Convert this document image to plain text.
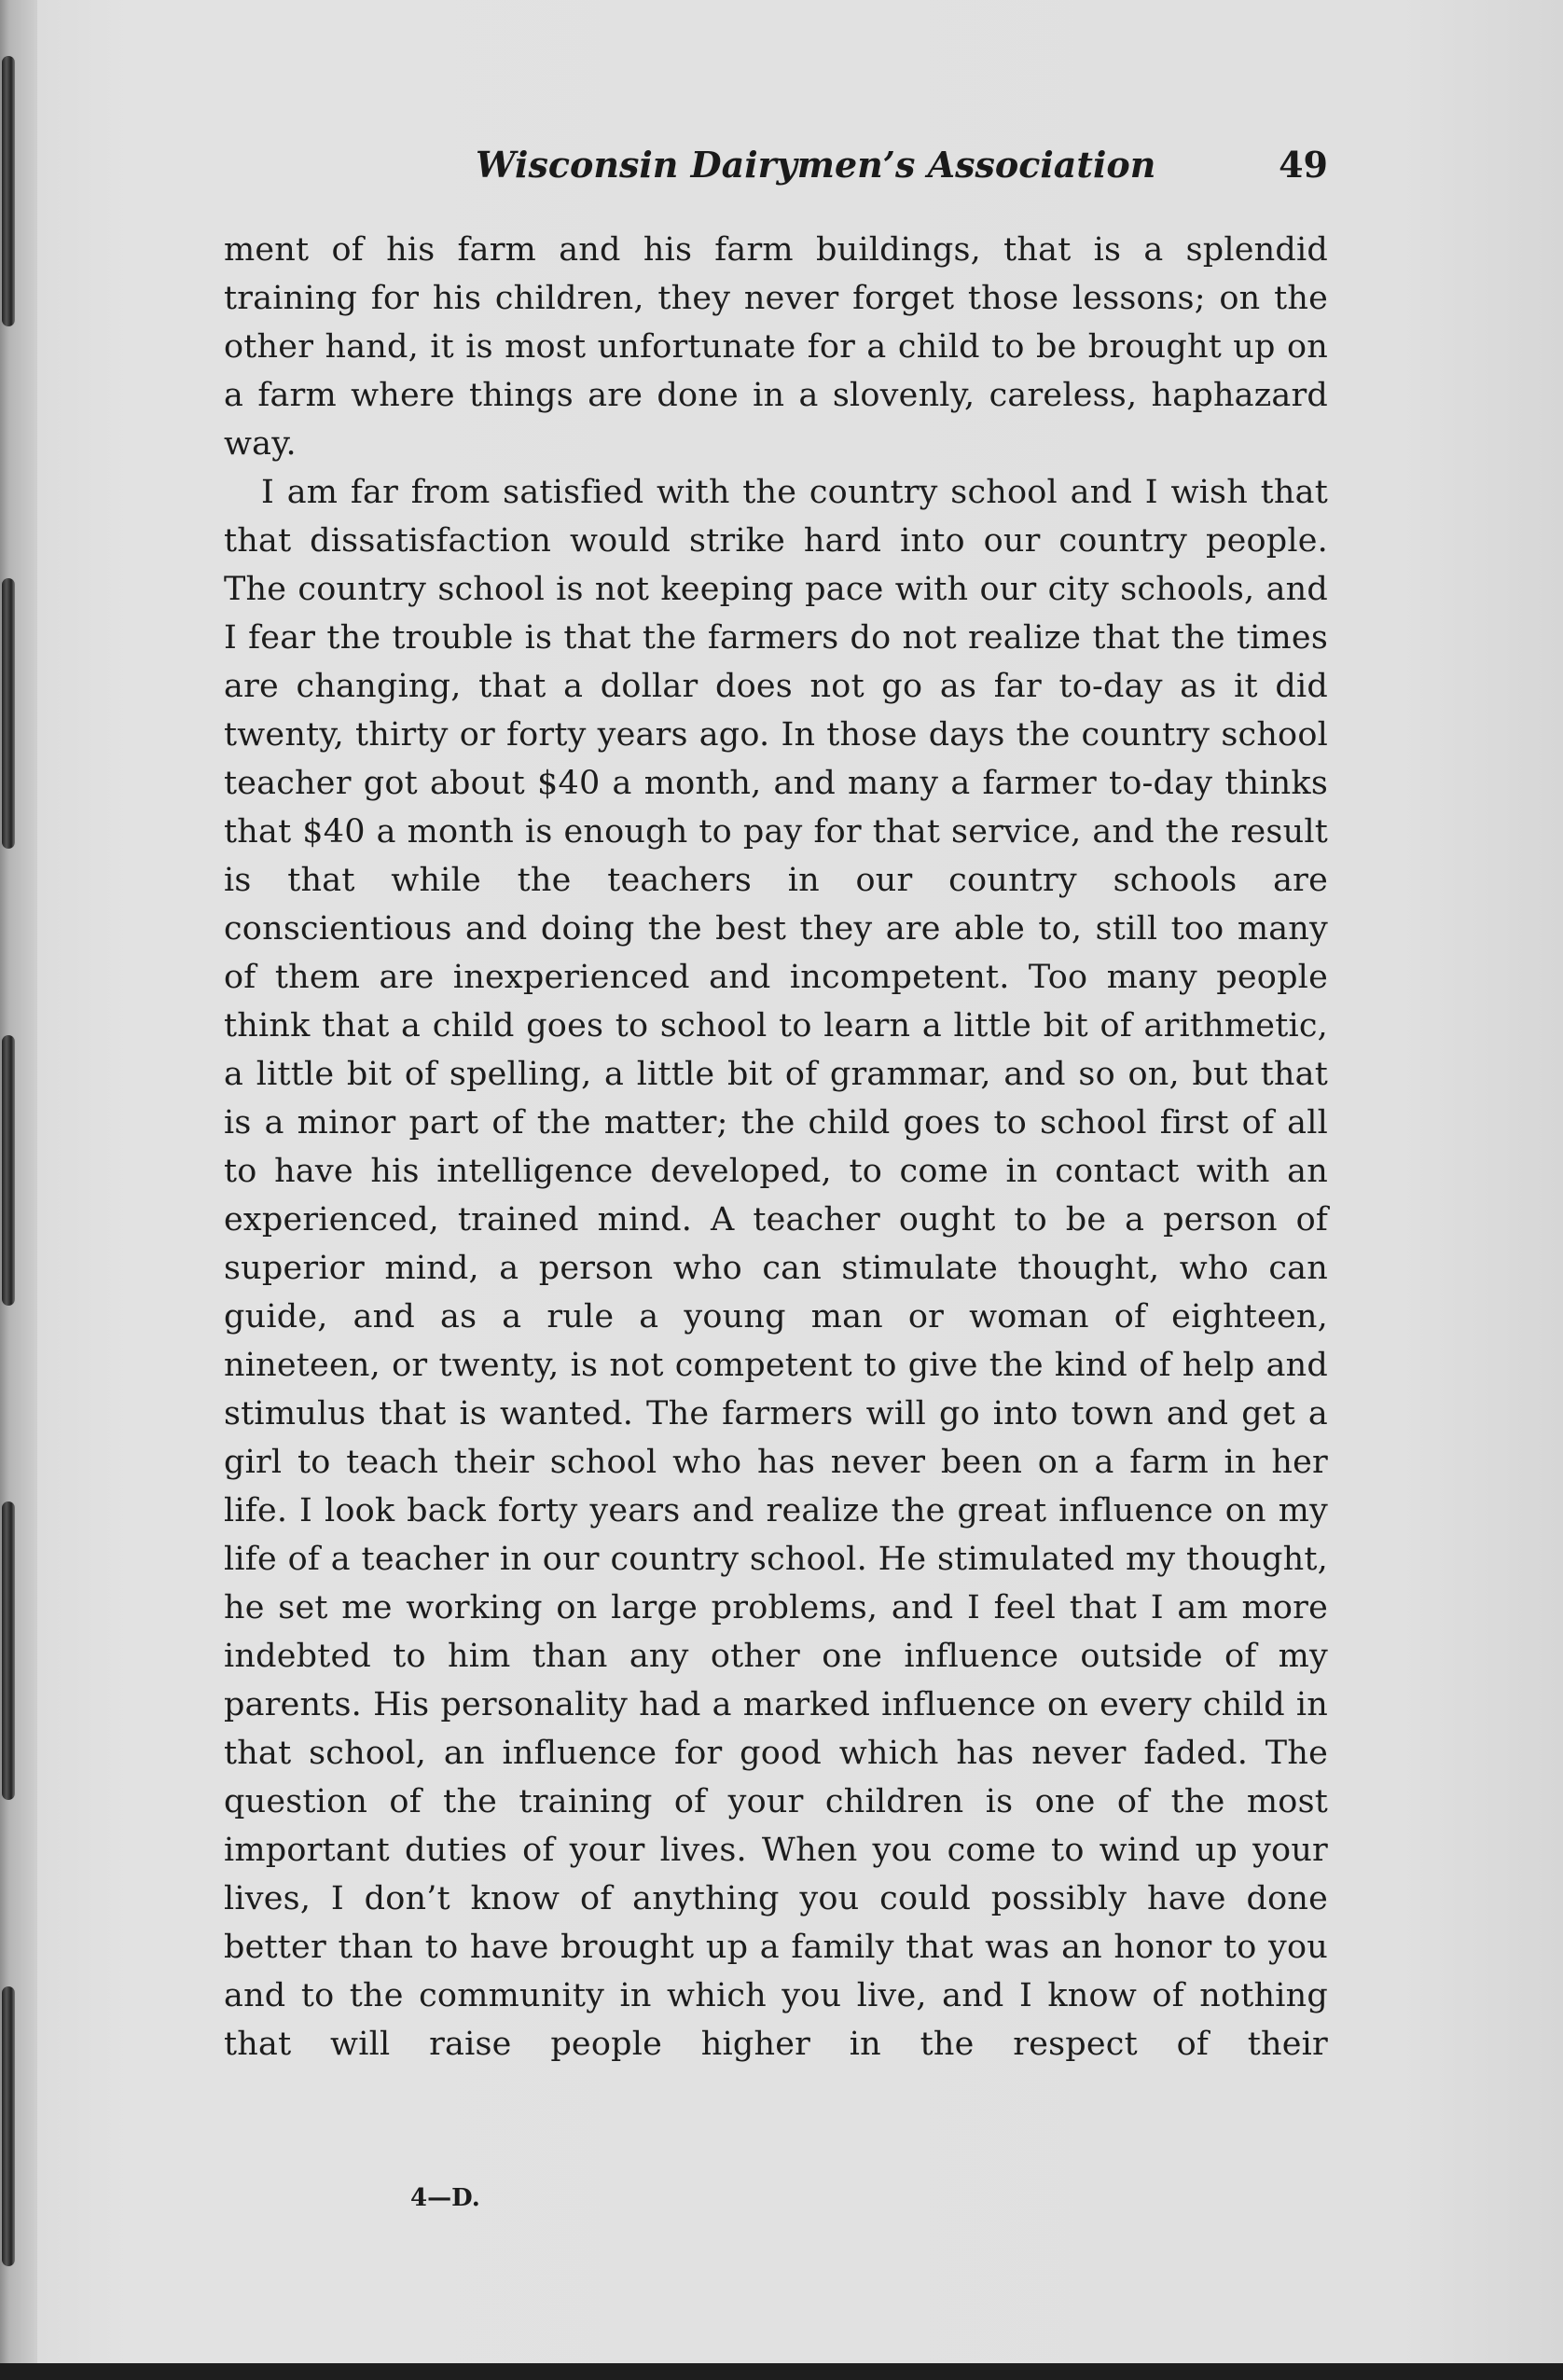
Wisconsin Dairymen’s Association	49

ment of his farm and his farm buildings, that is a splendid training for his children, they never forget those lessons; on the other hand, it is most unfortunate for a child to be brought up on a farm where things are done in a slovenly, careless, haphazard way.

I am far from satisfied with the country school and I wish that that dissatisfaction would strike hard into our country people. The country school is not keeping pace with our city schools, and I fear the trouble is that the farmers do not realize that the times are changing, that a dollar does not go as far to-day as it did twenty, thirty or forty years ago. In those days the country school teacher got about $40 a month, and many a farmer to-day thinks that $40 a month is enough to pay for that service, and the result is that while the teachers in our country schools are conscientious and doing the best they are able to, still too many of them are inexperienced and incompetent. Too many people think that a child goes to school to learn a little bit of arithmetic, a little bit of spelling, a little bit of grammar, and so on, but that is a minor part of the matter; the child goes to school first of all to have his intelligence developed, to come in contact with an experienced, trained mind. A teacher ought to be a person of superior mind, a person who can stimulate thought, who can guide, and as a rule a young man or woman of eighteen, nineteen, or twenty, is not competent to give the kind of help and stimulus that is wanted. The farmers will go into town and get a girl to teach their school who has never been on a farm in her life. I look back forty years and realize the great influence on my life of a teacher in our country school. He stimulated my thought, he set me working on large problems, and I feel that I am more indebted to him than any other one influence outside of my parents. His personality had a marked influence on every child in that school, an influence for good which has never faded. The question of the training of your children is one of the most important duties of your lives. When you come to wind up your lives, I don’t know of anything you could possibly have done better than to have brought up a family that was an honor to you and to the community in which you live, and I know of nothing that will raise people higher in the respect of their

4—D.
